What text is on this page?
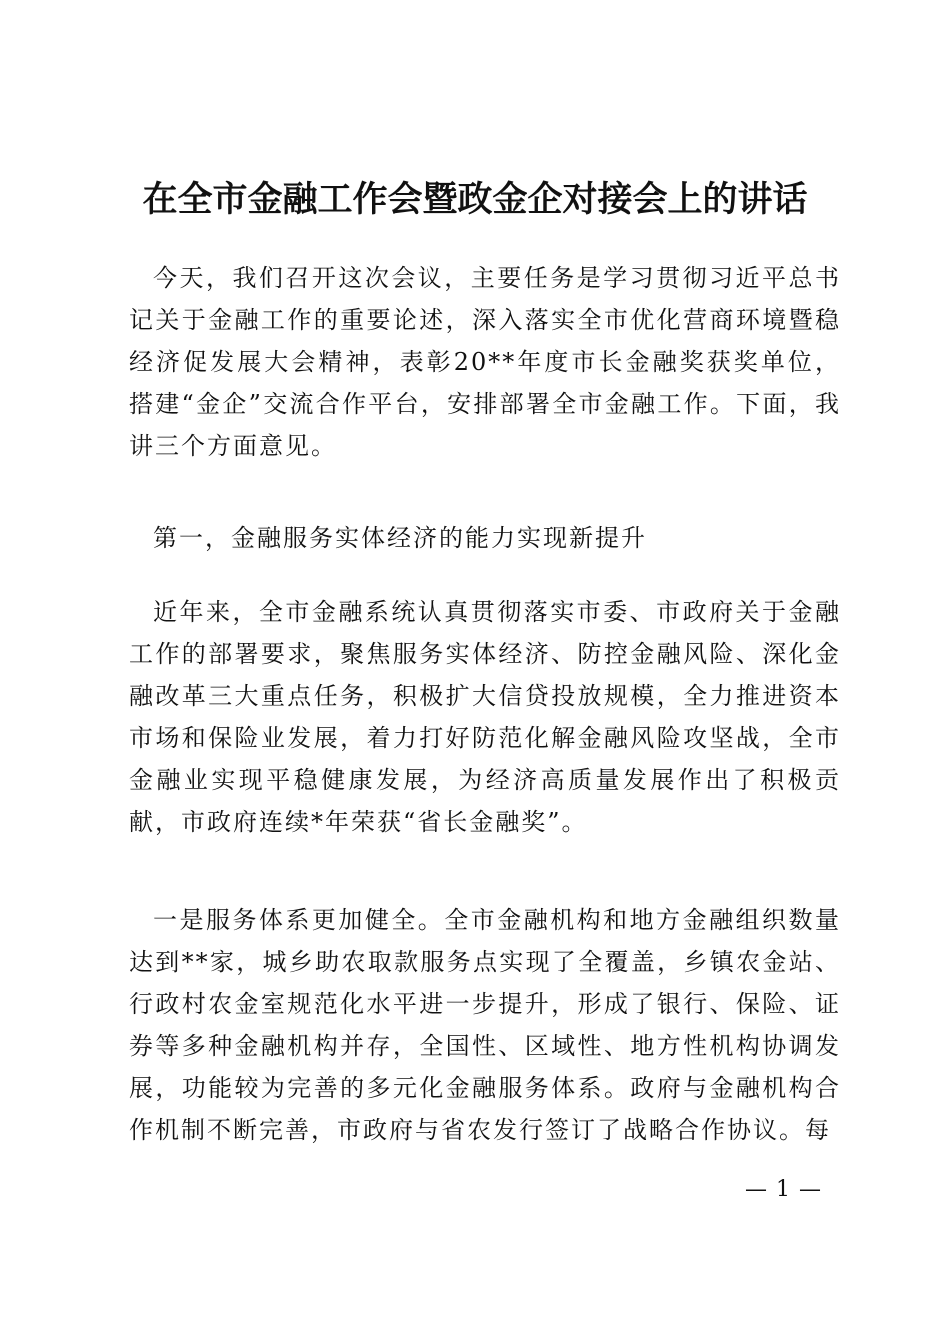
在全市金融工作会暨政金企对接会上的讲话
今天，我们召开这次会议，主要任务是学习贯彻习近平总书记关于金融工作的重要论述，深入落实全市优化营商环境暨稳经济促发展大会精神，表彰20**年度市长金融奖获奖单位，搭建“金企”交流合作平台，安排部署全市金融工作。下面，我讲三个方面意见。
第一，金融服务实体经济的能力实现新提升
近年来，全市金融系统认真贯彻落实市委、市政府关于金融工作的部署要求，聚焦服务实体经济、防控金融风险、深化金融改革三大重点任务，积极扩大信贷投放规模，全力推进资本市场和保险业发展，着力打好防范化解金融风险攻坚战，全市金融业实现平稳健康发展，为经济高质量发展作出了积极贡献，市政府连续*年荣获“省长金融奖”。
一是服务体系更加健全。全市金融机构和地方金融组织数量达到**家，城乡助农取款服务点实现了全覆盖，乡镇农金站、行政村农金室规范化水平进一步提升，形成了银行、保险、证券等多种金融机构并存，全国性、区域性、地方性机构协调发展，功能较为完善的多元化金融服务体系。政府与金融机构合作机制不断完善，市政府与省农发行签订了战略合作协议。每
— 1 —
